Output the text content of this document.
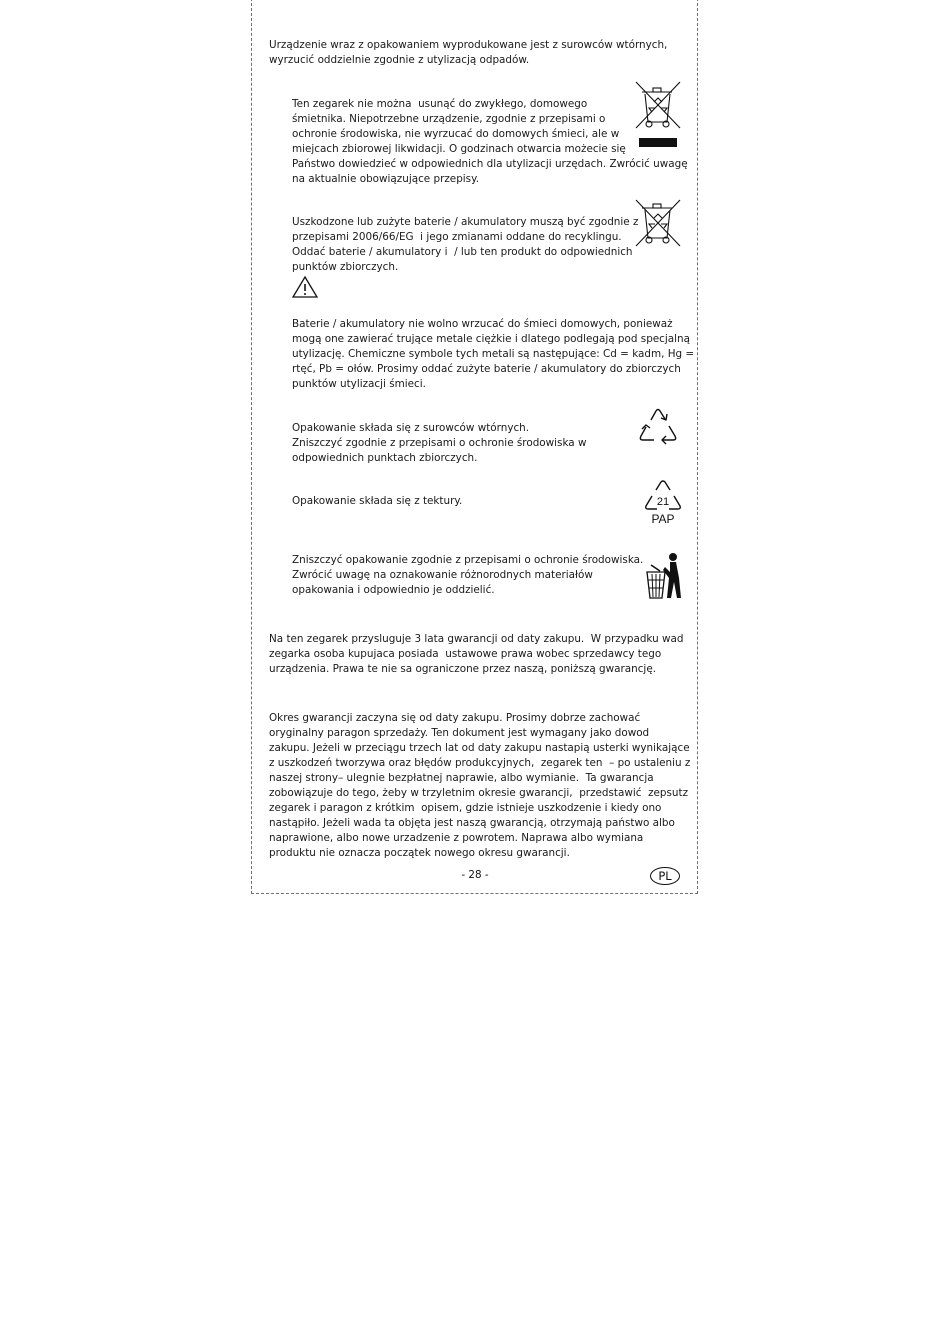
Urządzenie wraz z opakowaniem wyprodukowane jest z surowców wtórnych,
wyrzucić oddzielnie zgodnie z utylizacją odpadów.
Ten zegarek nie można  usunąć do zwykłego, domowego
śmietnika. Niepotrzebne urządzenie, zgodnie z przepisami o
ochronie środowiska, nie wyrzucać do domowych śmieci, ale w
miejcach zbiorowej likwidacji. O godzinach otwarcia możecie się
Państwo dowiedzieć w odpowiednich dla utylizacji urzędach. Zwrócić uwagę
na aktualnie obowiązujące przepisy.
Uszkodzone lub zużyte baterie / akumulatory muszą być zgodnie z
przepisami 2006/66/EG  i jego zmianami oddane do recyklingu.
Oddać baterie / akumulatory i  / lub ten produkt do odpowiednich
punktów zbiorczych.
Baterie / akumulatory nie wolno wrzucać do śmieci domowych, ponieważ
mogą one zawierać trujące metale ciężkie i dlatego podlegają pod specjalną
utylizację. Chemiczne symbole tych metali są następujące: Cd = kadm, Hg =
rtęć, Pb = ołów. Prosimy oddać zużyte baterie / akumulatory do zbiorczych
punktów utylizacji śmieci.
Opakowanie składa się z surowców wtórnych.
Zniszczyć zgodnie z przepisami o ochronie środowiska w
odpowiednich punktach zbiorczych.
Opakowanie składa się z tektury.	21
PAP
Zniszczyć opakowanie zgodnie z przepisami o ochronie środowiska.
Zwrócić uwagę na oznakowanie różnorodnych materiałów
opakowania i odpowiednio je oddzielić.
Na ten zegarek przysluguje 3 lata gwarancji od daty zakupu.  W przypadku wad
zegarka osoba kupujaca posiada  ustawowe prawa wobec sprzedawcy tego
urządzenia. Prawa te nie sa ograniczone przez naszą, poniższą gwarancję.
Okres gwarancji zaczyna się od daty zakupu. Prosimy dobrze zachować
oryginalny paragon sprzedaży. Ten dokument jest wymagany jako dowod
zakupu. Jeżeli w przeciągu trzech lat od daty zakupu nastapią usterki wynikające
z uszkodzeń tworzywa oraz błędów produkcyjnych,  zegarek ten  – po ustaleniu z
naszej strony– ulegnie bezpłatnej naprawie, albo wymianie.  Ta gwarancja
zobowiązuje do tego, żeby w trzyletnim okresie gwarancji,  przedstawić  zepsutz
zegarek i paragon z krótkim  opisem, gdzie istnieje uszkodzenie i kiedy ono
nastąpiło. Jeżeli wada ta objęta jest naszą gwarancją, otrzymają państwo albo
naprawione, albo nowe urzadzenie z powrotem. Naprawa albo wymiana
produktu nie oznacza początek nowego okresu gwarancji.
- 28 -	PL
